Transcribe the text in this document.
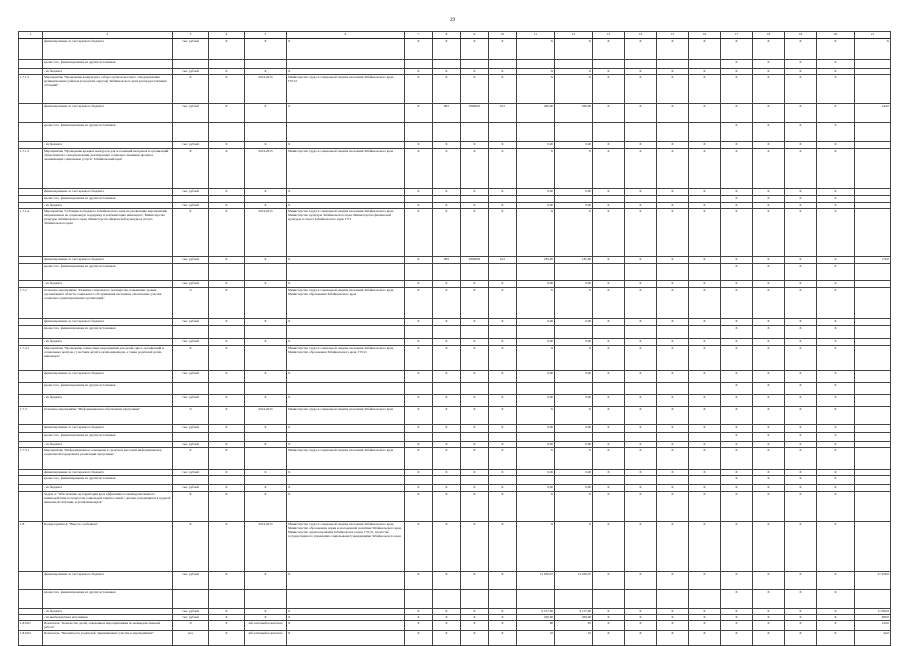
29
1	2	3	4	5	6	7	8	9	10	11	12	13	14	15	16	17	18	19	20	21	
	финансирование за счет краевого бюджета	тыс. рублей	X	X	X	X	X	X	X	X	X	X	X	X	X	X	X	X	X	X	
	кроме того, финансирование из других источников															X	X	X	X		
	- из бюджета	тыс. рублей	X	X	X	X	X	X	X	X	X	X	X	X	X	X	X	X	X		
1.7.1.2	Мероприятие "Проведение конкурсного отбора органов местного самоуправления муниципальных районов (городских округов) Забайкальского края для предоставления субсидий"	X	X	2014-2015	Министерство труда и социальной защиты населения Забайкальского края, ГУСО	X	X	X	X	X	X	X	X	X	X	X	X	X	X		
	финансирование за счет краевого бюджета	тыс. рублей	X	X	X	X	802	0309001	612	290,00	290,00	X	X	X	X	X	X	X	X	144,0	
	кроме того, финансирование из других источников															X	X	X	X		
	- из бюджета	тыс. рублей	X	X	X	X	X	X	X	0,00	0,00	X	X	X	X	X	X	X	X		
1.7.1.3	Мероприятие "Проведение краевых конкурсов для ассоциаций ветеранов и организаций общественного самоуправления, реализующих социально значимые проекты, оказывающих социальные услуги" Забайкальский край	X	X	2014-2015	Министерство труда и социальной защиты населения Забайкальского края	X	X	X	X	X	X	X	X	X	X	X	X	X	X		
	финансирование за счет краевого бюджета	тыс. рублей	X	X	X	X	X	X	X	0,00	0,00	X	X	X	X	X	X	X	X		
	кроме того, финансирование из других источников															X	X	X	X		
	- из бюджета	тыс. рублей	X	X	X	X	X	X	X	0,00	0,00	X	X	X	X	X	X	X	X		
1.7.1.4	Мероприятие "Субсидия из бюджета Забайкальского края на реализацию мероприятий, направленных на социальную поддержку и реабилитацию инвалидов", Министерство культуры Забайкальского края, Министерство физической культуры и спорта Забайкальского края	X	X	2014-2015	Министерство труда и социальной защиты населения Забайкальского края, Министерство культуры Забайкальского края, Министерство физической культуры и спорта Забайкальского края, ГУЗ	X	X	X	X	X	X	X	X	X	X	X	X	X	X		
	финансирование за счет краевого бюджета	тыс. рублей	X	X	X	X	802	0309002	612	185,00	185,00	X	X	X	X	X	X	X	X	179,0	
	кроме того, финансирование из других источников															X	X	X	X		
	- из бюджета	тыс. рублей	X	X	X	X	X	X	X	0,00	0,00	X	X	X	X	X	X	X	X		
1.7.2	Основное мероприятие "Развитие социального партнерства, повышение уровня организаций в области социального обслуживания населения, обеспечение участия социально ориентированных организаций"	%	X		Министерство труда и социальной защиты населения Забайкальского края, Министерство образования Забайкальского края	X	X	X	X	X	X	X	X	X	X	X	X	X	X		
	финансирование за счет краевого бюджета	тыс. рублей	X	X	X	X	X	X	X	0,00	0,00	X	X	X	X	X	X	X	X		
	кроме того, финансирование из других источников															X	X	X	X		
	- из бюджета	тыс. рублей	X	X	X	X	X	X	X	0,00	0,00	X	X	X	X	X	X	X	X		
1.7.2.1	Мероприятие "Проведение совместных мероприятий для детей-сирот, организаций и социальных центров с участием детей и детей-инвалидов, а также родителей детей-инвалидов"	X	X		Министерство труда и социальной защиты населения Забайкальского края, Министерство образования Забайкальского края, ГУСО	X	X	X	X	X	X	X	X	X	X	X	X	X	X		
	финансирование за счет краевого бюджета	тыс. рублей	X	X	X	X	X	X	X	0,00	0,00	X	X	X	X	X	X	X	X		
	кроме того, финансирование из других источников															X	X	X	X		
	- из бюджета	тыс. рублей	X	X	X	X	X	X	X	0,00	0,00	X	X	X	X	X	X	X	X		
1.7.3	Основное мероприятие "Информационное обеспечение программы"	%	X	2014-2015	Министерство труда и социальной защиты населения Забайкальского края	X	X	X	X	X	X	X	X	X	X	X	X	X	X		
	финансирование за счет краевого бюджета	тыс. рублей	X	X	X	X	X	X	X	0,00	0,00	X	X	X	X	X	X	X	X		
	кроме того, финансирование из других источников															X	X	X	X		
	- из бюджета	тыс. рублей	X	X	X	X	X	X	X	0,00	0,00	X	X	X	X	X	X	X	X		
1.7.3.1	Мероприятие "Информационное освещение в средствах массовой информации мер социальной поддержки и реализации программы"	X	X		Министерство труда и социальной защиты населения Забайкальского края	X	X	X	X	X	X	X	X	X	X	X	X	X	X		
	финансирование за счет краевого бюджета	тыс. рублей	X	X	X	X	X	X	X	0,00	0,00	X	X	X	X	X	X	X	X		
	кроме того, финансирование из других источников															X	X	X	X		
	- из бюджета	тыс. рублей	X	X	X	X	X	X	X	0,00	0,00	X	X	X	X	X	X	X	X		
	Задача 4. "Обеспечение на территории края эффективного межведомственного взаимодействия по вопросам социальной защиты семей с детьми, находящихся в трудной жизненной ситуации, и детей-инвалидов"	X	X	X	X	X	X	X	X	X	X	X	X	X	X	X	X	X	X		
1.8.	Подпрограмма 8. "Вместе с ребенком"	X	X	2014-2015	Министерство труда и социальной защиты населения Забайкальского края, Министерство образования, науки и молодежной политики Забайкальского края, Министерство здравоохранения Забайкальского края, ГУСО, Агентство государственного управления социальными учреждениями Забайкальского края	X	X	X	X	X	X	X	X	X	X	X	X	X	X		
	финансирование за счет краевого бюджета	тыс. рублей	X	X	X	X	X	X	X	21 930,07	21 930,07	X	X	X	X	X	X	X	X	21 930,0	
	кроме того, финансирование из других источников															X	X	X	X		
	- из бюджета	тыс. рублей	X	X	X	X	X	X	X	9 157,00	9 157,00	X	X	X	X	X	X	X	X	11 082,0	
	- из внебюджетных источников	тыс. рублей	X	X	X	X	X	X	X	200,00	200,00	X	X	X	X	X	X	X	X	480,0	
1.8.0.01	Показатель "Количество детей, охваченных мероприятиями по межведомственной работе"	%	X	Абсолютный показатель	X	X	X	X	X	80	85	X	X	X	X	X	X	X	X	143,0	
1.8.0.02	Показатель "Численность родителей, принимающих участие в мероприятиях"	чел.	X	Абсолютный показатель	X	X	X	X	X	10	10	X	X	X	X	X	X	X	X	44,0	
